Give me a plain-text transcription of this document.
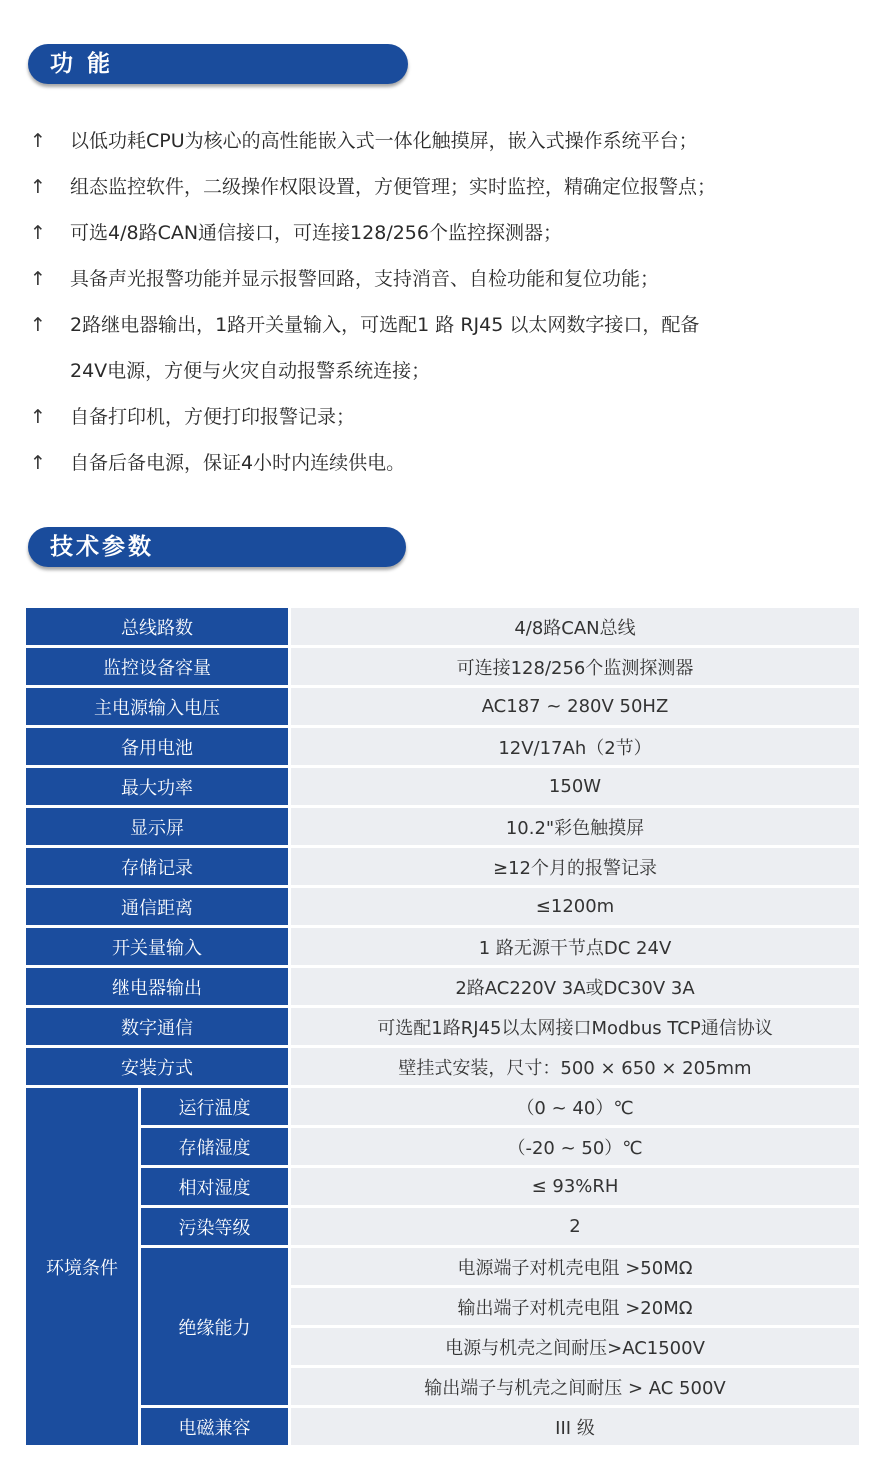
功 能
↑ 以低功耗CPU为核心的高性能嵌入式一体化触摸屏，嵌入式操作系统平台；
↑ 组态监控软件，二级操作权限设置，方便管理；实时监控，精确定位报警点；
↑ 可选4/8路CAN通信接口，可连接128/256个监控探测器；
↑ 具备声光报警功能并显示报警回路，支持消音、自检功能和复位功能；
↑ 2路继电器输出，1路开关量输入，可选配1 路 RJ45 以太网数字接口，配备
24V电源，方便与火灾自动报警系统连接；
↑ 自备打印机，方便打印报警记录；
↑ 自备后备电源，保证4小时内连续供电。
技术参数
总线路数		4/8路CAN总线
监控设备容量		可连接128/256个监测探测器
主电源输入电压		AC187 ~ 280V 50HZ
备用电池		12V/17Ah（2节）
最大功率		150W
显示屏		10.2"彩色触摸屏
存储记录		≥12个月的报警记录
通信距离		≤1200m
开关量输入		1 路无源干节点DC 24V
继电器输出		2路AC220V 3A或DC30V 3A
数字通信		可选配1路RJ45以太网接口Modbus TCP通信协议
安装方式		壁挂式安装，尺寸：500 × 650 × 205mm
环境条件	运行温度	（0 ~ 40）℃
	存储湿度	（-20 ~ 50）℃
	相对湿度	≤ 93%RH
	污染等级	2
	绝缘能力	电源端子对机壳电阻 >50MΩ
		输出端子对机壳电阻 >20MΩ
		电源与机壳之间耐压>AC1500V
		输出端子与机壳之间耐压 > AC 500V
	电磁兼容	III 级
